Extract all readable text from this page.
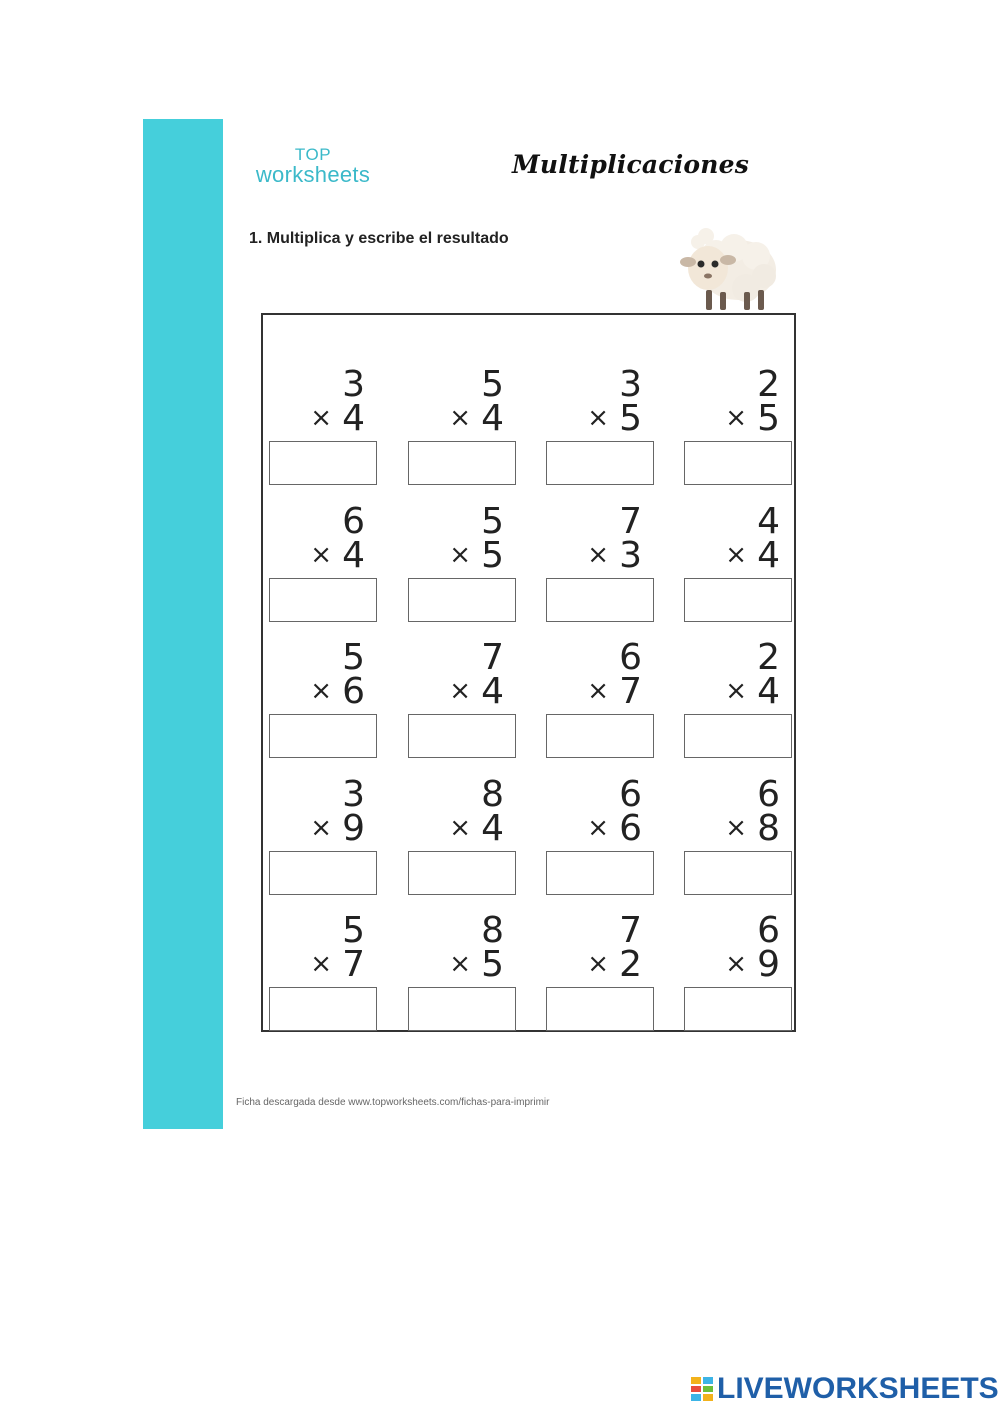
TOP
worksheets	Multiplicaciones
1. Multiplica y escribe el resultado
3
× 4
5
× 4
3
× 5
2
× 5
6
× 4
5
× 5
7
× 3
4
× 4
5
× 6
7
× 4
6
× 7
2
× 4
3
× 9
8
× 4
6
× 6
6
× 8
5
× 7
8
× 5
7
× 2
6
× 9
Ficha descargada desde www.topworksheets.com/fichas-para-imprimir
LIVEWORKSHEETS
